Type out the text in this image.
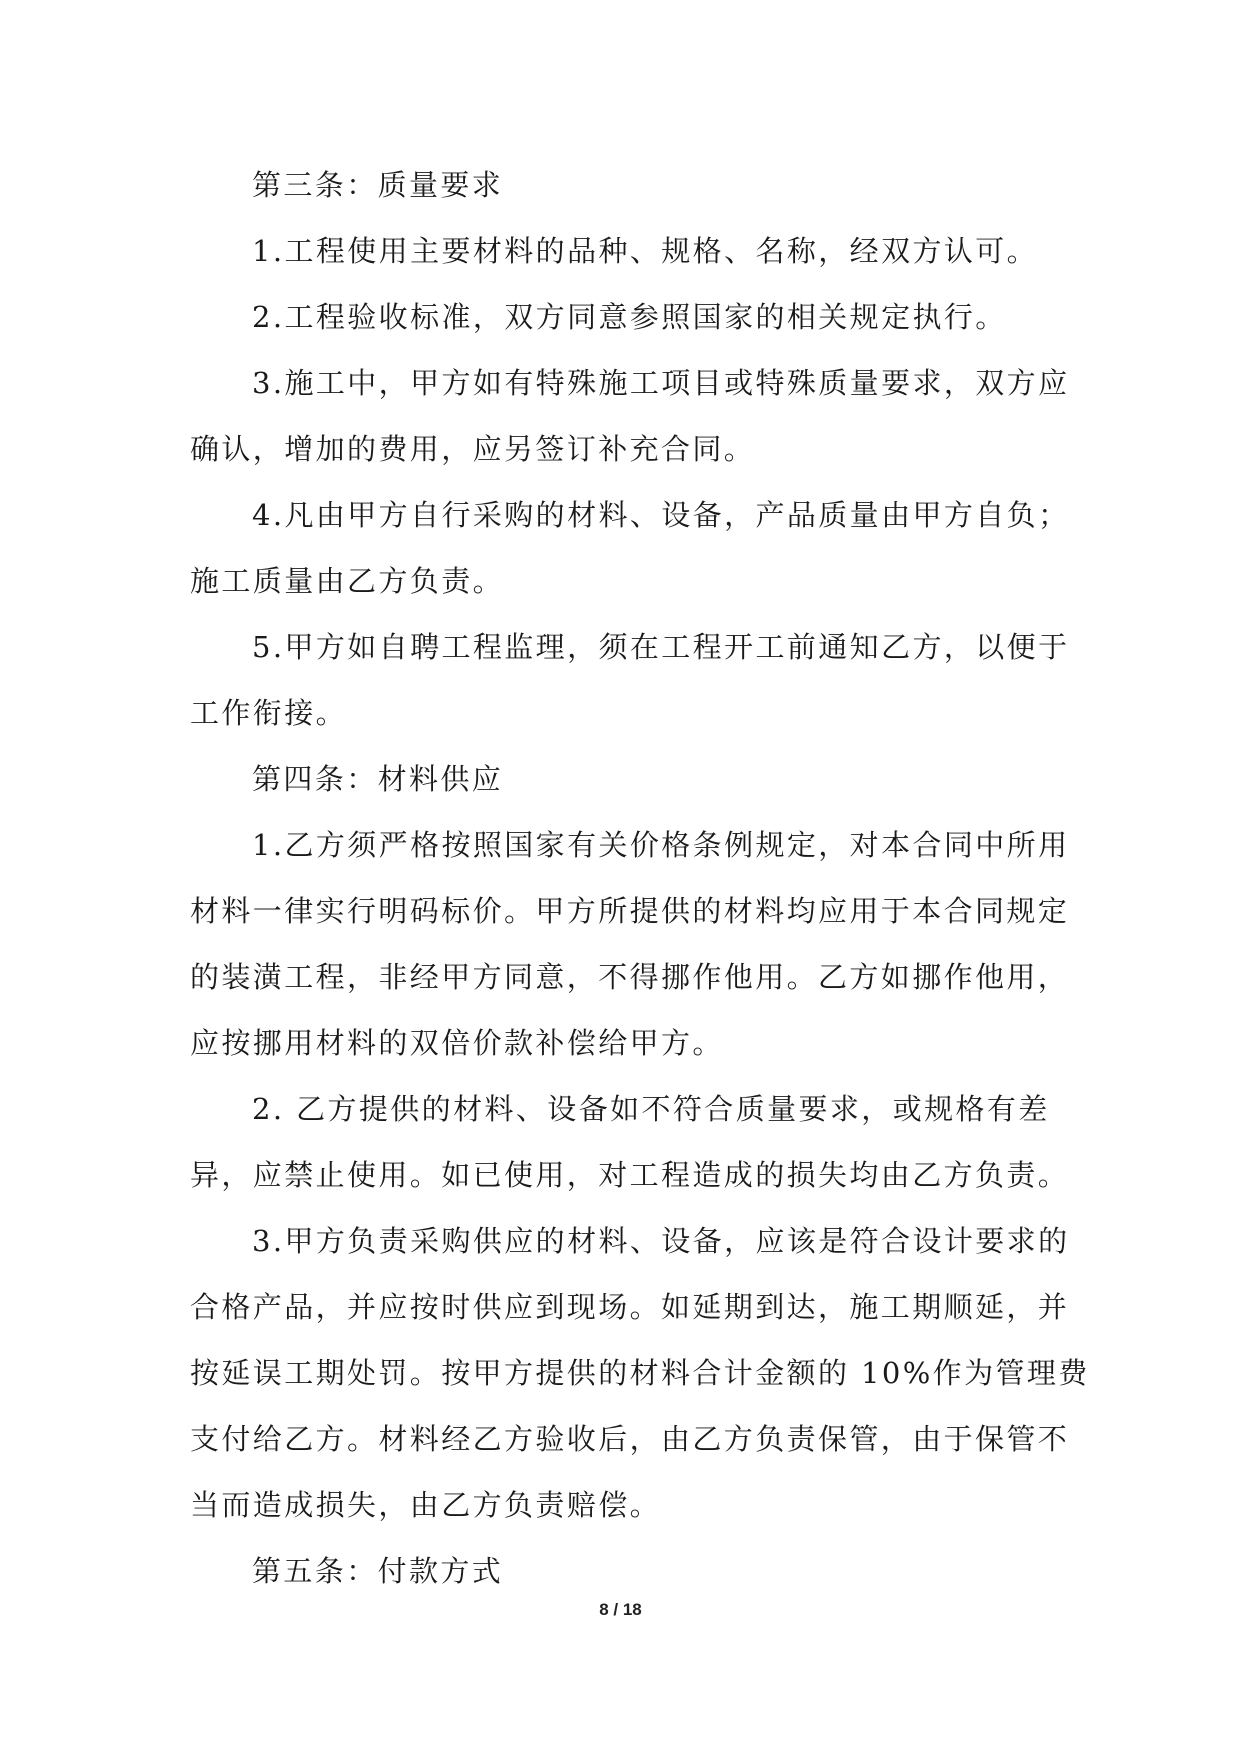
第三条：质量要求
1.工程使用主要材料的品种、规格、名称，经双方认可。
2.工程验收标准，双方同意参照国家的相关规定执行。
3.施工中，甲方如有特殊施工项目或特殊质量要求，双方应
确认，增加的费用，应另签订补充合同。
4.凡由甲方自行采购的材料、设备，产品质量由甲方自负；
施工质量由乙方负责。
5.甲方如自聘工程监理，须在工程开工前通知乙方，以便于
工作衔接。
第四条：材料供应
1.乙方须严格按照国家有关价格条例规定，对本合同中所用
材料一律实行明码标价。甲方所提供的材料均应用于本合同规定
的装潢工程，非经甲方同意，不得挪作他用。乙方如挪作他用，
应按挪用材料的双倍价款补偿给甲方。
2. 乙方提供的材料、设备如不符合质量要求，或规格有差
异，应禁止使用。如已使用，对工程造成的损失均由乙方负责。
3.甲方负责采购供应的材料、设备，应该是符合设计要求的
合格产品，并应按时供应到现场。如延期到达，施工期顺延，并
按延误工期处罚。按甲方提供的材料合计金额的 10%作为管理费
支付给乙方。材料经乙方验收后，由乙方负责保管，由于保管不
当而造成损失，由乙方负责赔偿。
第五条：付款方式
8 / 18
